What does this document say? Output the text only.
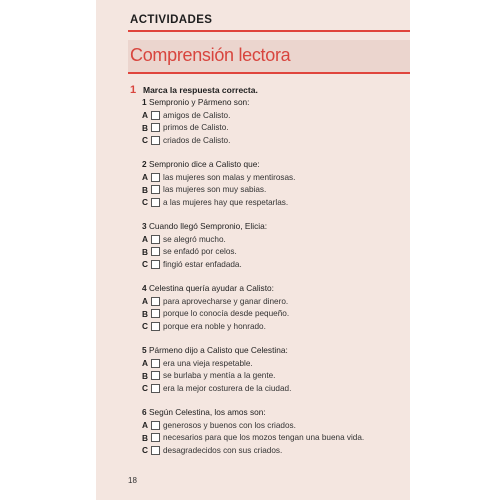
ACTIVIDADES
Comprensión lectora
1 Marca la respuesta correcta.
1 Sempronio y Pármeno son:
A	amigos de Calisto.
B	primos de Calisto.
C	criados de Calisto.
2 Sempronio dice a Calisto que:
A	las mujeres son malas y mentirosas.
B	las mujeres son muy sabias.
C	a las mujeres hay que respetarlas.
3 Cuando llegó Sempronio, Elicia:
A	se alegró mucho.
B	se enfadó por celos.
C	fingió estar enfadada.
4 Celestina quería ayudar a Calisto:
A	para aprovecharse y ganar dinero.
B	porque lo conocía desde pequeño.
C	porque era noble y honrado.
5 Pármeno dijo a Calisto que Celestina:
A	era una vieja respetable.
B	se burlaba y mentía a la gente.
C	era la mejor costurera de la ciudad.
6 Según Celestina, los amos son:
A	generosos y buenos con los criados.
B	necesarios para que los mozos tengan una buena vida.
C	desagradecidos con sus criados.
18
